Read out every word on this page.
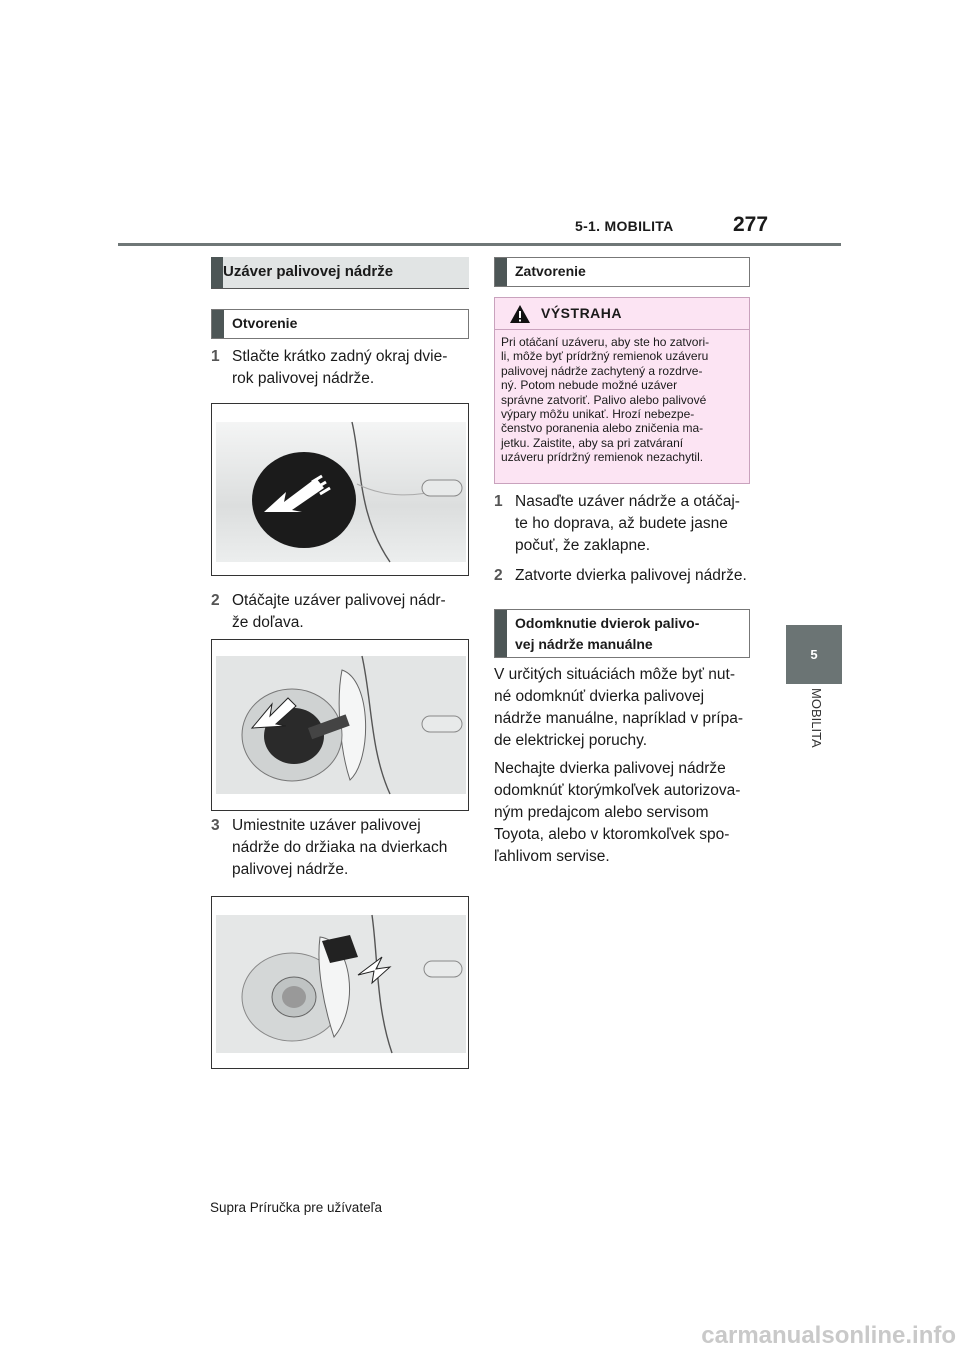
5-1. MOBILITA	277
5
MOBILITA
Uzáver palivovej nádrže
Otvorenie
1 Stlačte krátko zadný okraj dvie-
rok palivovej nádrže.
2 Otáčajte uzáver palivovej nádr-
že doľava.
3 Umiestnite uzáver palivovej
nádrže do držiaka na dvierkach
palivovej nádrže.
Zatvorenie
VÝSTRAHA
Pri otáčaní uzáveru, aby ste ho zatvori-
li, môže byť prídržný remienok uzáveru
palivovej nádrže zachytený a rozdrve-
ný. Potom nebude možné uzáver
správne zatvoriť. Palivo alebo palivové
výpary môžu unikať. Hrozí nebezpe-
čenstvo poranenia alebo zničenia ma-
jetku. Zaistite, aby sa pri zatváraní
uzáveru prídržný remienok nezachytil.
1 Nasaďte uzáver nádrže a otáčaj-
te ho doprava, až budete jasne
počuť, že zaklapne.
2 Zatvorte dvierka palivovej nádrže.
Odomknutie dvierok palivo-
vej nádrže manuálne
V určitých situáciách môže byť nut-
né odomknúť dvierka palivovej
nádrže manuálne, napríklad v prípa-
de elektrickej poruchy.
Nechajte dvierka palivovej nádrže
odomknúť ktorýmkoľvek autorizova-
ným predajcom alebo servisom
Toyota, alebo v ktoromkoľvek spo-
ľahlivom servise.
Supra Príručka pre užívateľa
carmanualsonline.info
